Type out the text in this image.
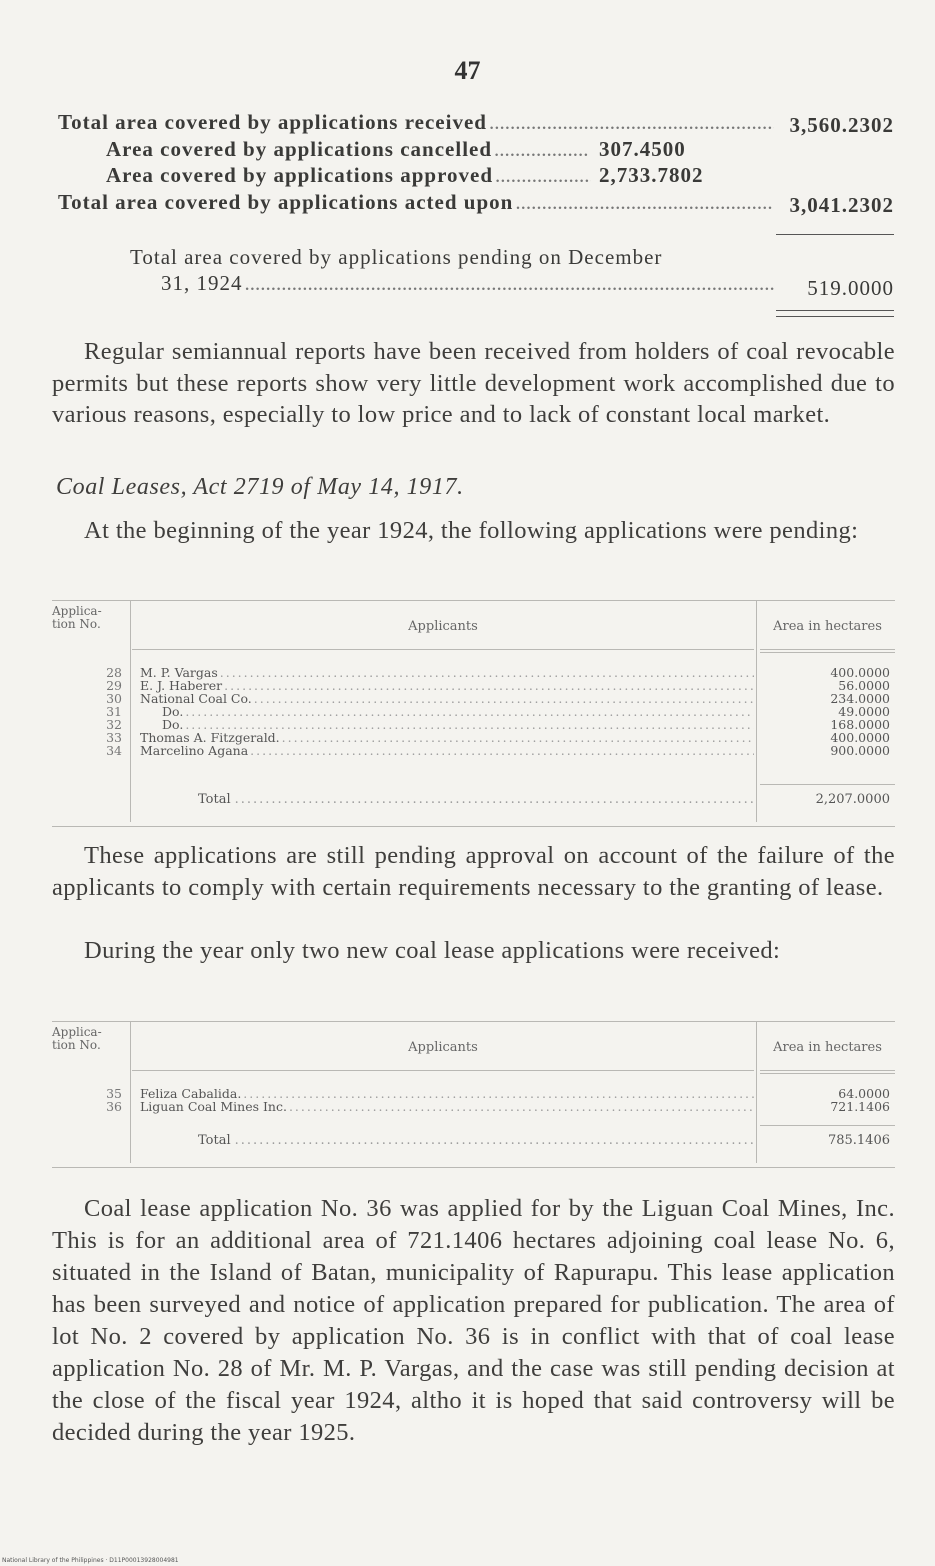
47
Total area covered by applications received .....	3,560.2302
Area covered by applications cancelled .....	307.4500
Area covered by applications approved .....	2,733.7802
Total area covered by applications acted upon .....	3,041.2302
Total area covered by applications pending on December
31, 1924 .....	519.0000

Regular semiannual reports have been received from holders of coal revocable permits but these reports show very little development work accomplished due to various reasons, especially to low price and to lack of constant local market.

Coal Leases, Act 2719 of May 14, 1917.

At the beginning of the year 1924, the following applications were pending:

Applica- tion No.	Applicants	Area in hectares
28 M. P. Vargas .....	400.0000
29 E. J. Haberer .....	56.0000
30 National Coal Co. .....	234.0000
31	Do. .....	49.0000
32	Do. .....	168.0000
33 Thomas A. Fitzgerald. .....	400.0000
34 Marcelino Agana .....	900.0000
Total .....	2,207.0000

These applications are still pending approval on account of the failure of the applicants to comply with certain requirements necessary to the granting of lease.

During the year only two new coal lease applications were received:

Applica- tion No.	Applicants	Area in hectares
35 Feliza Cabalida. .....	64.0000
36 Liguan Coal Mines Inc. .....	721.1406
Total .....	785.1406

Coal lease application No. 36 was applied for by the Liguan Coal Mines, Inc. This is for an additional area of 721.1406 hectares adjoining coal lease No. 6, situated in the Island of Batan, municipality of Rapurapu. This lease application has been surveyed and notice of application prepared for publication. The area of lot No. 2 covered by application No. 36 is in conflict with that of coal lease application No. 28 of Mr. M. P. Vargas, and the case was still pending decision at the close of the fiscal year 1924, altho it is hoped that said controversy will be decided during the year 1925.

National Library of the Philippines · D11P00013928004981
